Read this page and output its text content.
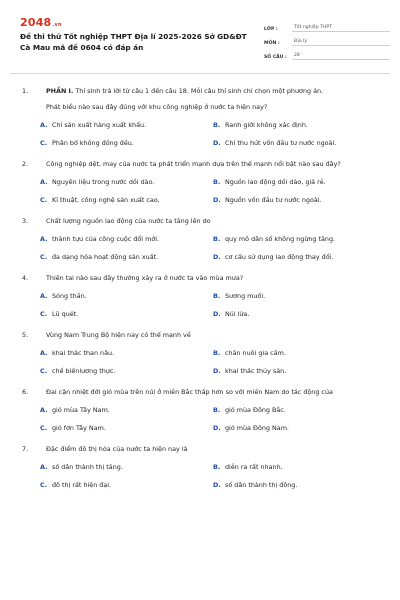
2048.vn
Đề thi thử Tốt nghiệp THPT Địa lí 2025-2026 Sở GD&ĐT Cà Mau mã đề 0604 có đáp án
LỚP :	Tốt nghiệp THPT
MÔN :	Địa lý
SỐ CÂU :	28
1.	PHẦN I. Thí sinh trả lời từ câu 1 đến câu 18. Mỗi câu thí sinh chỉ chọn một phương án.
Phát biểu nào sau đây đúng với khu công nghiệp ở nước ta hiện nay?
A. Chỉ sản xuất hàng xuất khẩu.	B. Ranh giới không xác định.
C. Phân bố không đồng đều.	D. Chỉ thu hút vốn đầu tư nước ngoài.
2.	Công nghiệp dệt, may của nước ta phát triển mạnh dựa trên thế mạnh nổi bật nào sau đây?
A. Nguyên liệu trong nước dồi dào.	B. Nguồn lao động dồi dào, giá rẻ.
C. Kĩ thuật, công nghệ sản xuất cao.	D. Nguồn vốn đầu tư nước ngoài.
3.	Chất lượng nguồn lao động của nước ta tăng lên do
A. thành tựu của công cuộc đổi mới.	B. quy mô dân số không ngừng tăng.
C. đa dạng hóa hoạt động sản xuất.	D. cơ cấu sử dụng lao động thay đổi.
4.	Thiên tai nào sau đây thường xảy ra ở nước ta vào mùa mưa?
A. Sóng thần.	B. Sương muối.
C. Lũ quét.	D. Núi lửa.
5.	Vùng Nam Trung Bộ hiện nay có thế mạnh về
A. khai thác than nâu.	B. chăn nuôi gia cầm.
C. chế biếnlương thực.	D. khai thác thủy sản.
6.	Đai cận nhiệt đới gió mùa trên núi ở miền Bắc thấp hơn so với miền Nam do tác động của
A. gió mùa Tây Nam.	B. gió mùa Đông Bắc.
C. gió fơn Tây Nam.	D. gió mùa Đông Nam.
7.	Đặc điểm đô thị hóa của nước ta hiện nay là
A. số dân thành thị tăng.	B. diễn ra rất nhanh.
C. đô thị rất hiện đại.	D. số dân thành thị đông.
